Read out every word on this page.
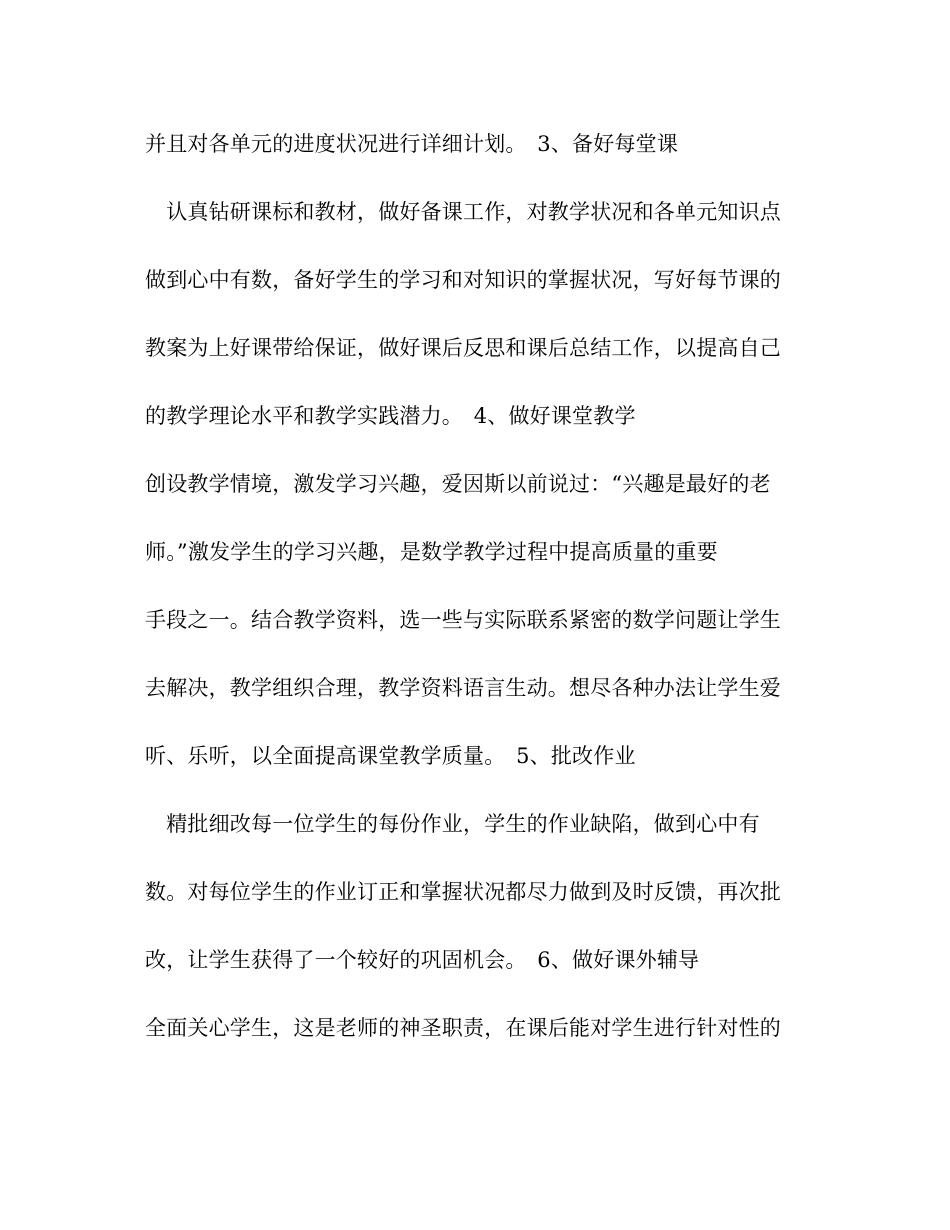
并且对各单元的进度状况进行详细计划。　3、备好每堂课
　认真钻研课标和教材，做好备课工作，对教学状况和各单元知识点
做到心中有数，备好学生的学习和对知识的掌握状况，写好每节课的
教案为上好课带给保证，做好课后反思和课后总结工作，以提高自己
的教学理论水平和教学实践潜力。　4、做好课堂教学
创设教学情境，激发学习兴趣，爱因斯以前说过：“兴趣是最好的老
师。”激发学生的学习兴趣，是数学教学过程中提高质量的重要
手段之一。结合教学资料，选一些与实际联系紧密的数学问题让学生
去解决，教学组织合理，教学资料语言生动。想尽各种办法让学生爱
听、乐听，以全面提高课堂教学质量。　5、批改作业
　精批细改每一位学生的每份作业，学生的作业缺陷，做到心中有
数。对每位学生的作业订正和掌握状况都尽力做到及时反馈，再次批
改，让学生获得了一个较好的巩固机会。　6、做好课外辅导
全面关心学生，这是老师的神圣职责，在课后能对学生进行针对性的
